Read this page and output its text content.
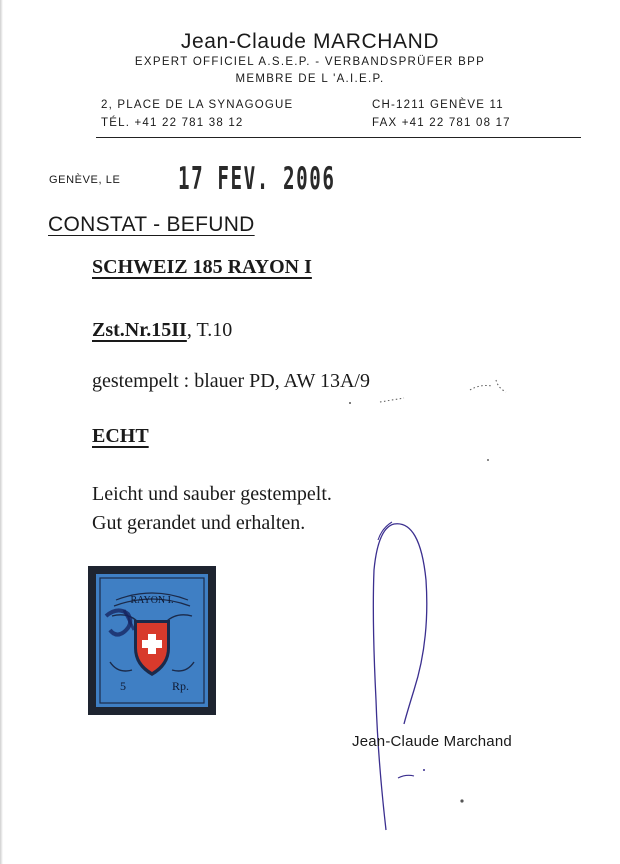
Jean-Claude MARCHAND
EXPERT OFFICIEL A.S.E.P. - VERBANDSPRÜFER BPP
MEMBRE DE L 'A.I.E.P.
2, PLACE DE LA SYNAGOGUE	CH-1211 GENÈVE 11
TÉL. +41 22 781 38 12	FAX +41 22 781 08 17
GENÈVE, LE 17 FEV. 2006
CONSTAT - BEFUND
SCHWEIZ 185 RAYON I
Zst.Nr.15II, T.10
gestempelt : blauer PD, AW 13A/9
ECHT
Leicht und sauber gestempelt.
Gut gerandet und erhalten.
RAYON I.
5	Rp.
Jean-Claude Marchand
